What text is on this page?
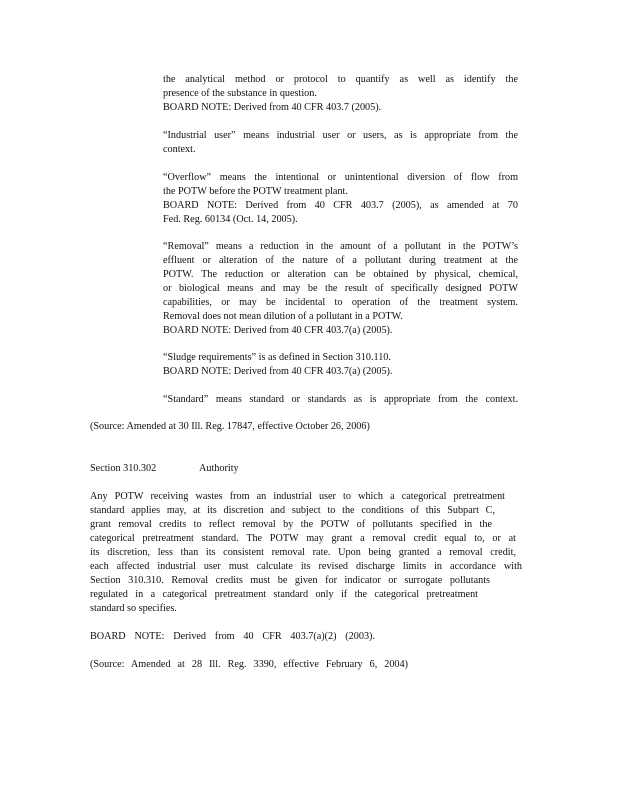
the analytical method or protocol to quantify as well as identify the
presence of the substance in question.
BOARD NOTE: Derived from 40 CFR 403.7 (2005).
“Industrial user” means industrial user or users, as is appropriate from the
context.
“Overflow” means the intentional or unintentional diversion of flow from
the POTW before the POTW treatment plant.
BOARD NOTE: Derived from 40 CFR 403.7 (2005), as amended at 70
Fed. Reg. 60134 (Oct. 14, 2005).
“Removal” means a reduction in the amount of a pollutant in the POTW’s
effluent or alteration of the nature of a pollutant during treatment at the
POTW. The reduction or alteration can be obtained by physical, chemical,
or biological means and may be the result of specifically designed POTW
capabilities, or may be incidental to operation of the treatment system.
Removal does not mean dilution of a pollutant in a POTW.
BOARD NOTE: Derived from 40 CFR 403.7(a) (2005).
“Sludge requirements” is as defined in Section 310.110.
BOARD NOTE: Derived from 40 CFR 403.7(a) (2005).
“Standard” means standard or standards as is appropriate from the context.
(Source: Amended at 30 Ill. Reg. 17847, effective October 26, 2006)
Section 310.302	Authority
Any POTW receiving wastes from an industrial user to which a categorical pretreatment
standard applies may, at its discretion and subject to the conditions of this Subpart C,
grant removal credits to reflect removal by the POTW of pollutants specified in the
categorical pretreatment standard. The POTW may grant a removal credit equal to, or at
its discretion, less than its consistent removal rate. Upon being granted a removal credit,
each affected industrial user must calculate its revised discharge limits in accordance with
Section 310.310. Removal credits must be given for indicator or surrogate pollutants
regulated in a categorical pretreatment standard only if the categorical pretreatment
standard so specifies.
BOARD NOTE: Derived from 40 CFR 403.7(a)(2) (2003).
(Source: Amended at 28 Ill. Reg. 3390, effective February 6, 2004)
